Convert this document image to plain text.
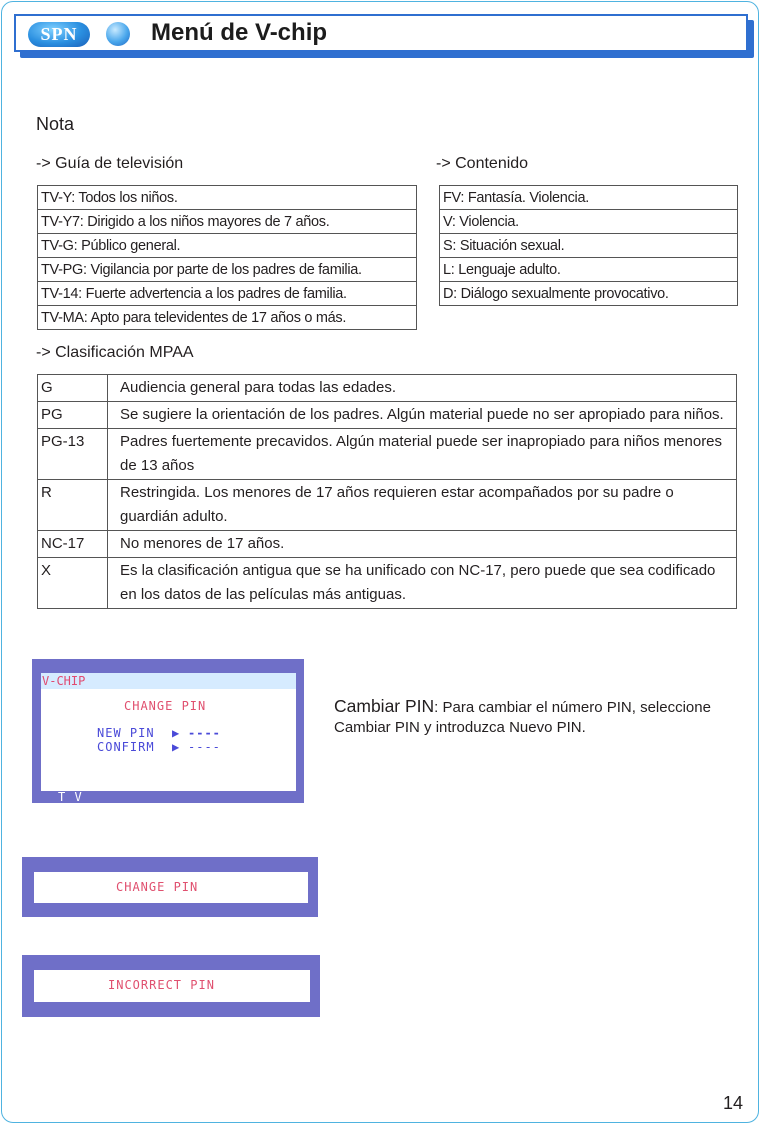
SPN	Menú de V-chip
Nota
-> Guía de televisión
TV-Y: Todos los niños.
TV-Y7: Dirigido a los niños mayores de 7 años.
TV-G: Público general.
TV-PG: Vigilancia por parte de los padres de familia.
TV-14: Fuerte advertencia a los padres de familia.
TV-MA: Apto para televidentes de 17 años o más.
-> Contenido
FV: Fantasía. Violencia.
V: Violencia.
S: Situación sexual.
L: Lenguaje adulto.
D: Diálogo sexualmente provocativo.
-> Clasificación MPAA
G	Audiencia general para todas las edades.
PG	Se sugiere la orientación de los padres. Algún material puede no ser apropiado para niños.
PG-13	Padres fuertemente precavidos. Algún material puede ser inapropiado para niños menores de 13 años
R	Restringida. Los menores de 17 años requieren estar acompañados por su padre o guardián adulto.
NC-17	No menores de 17 años.
X	Es la clasificación antigua que se ha unificado con NC-17, pero puede que sea codificado en los datos de las películas más antiguas.
V-CHIP
CHANGE PIN
NEW PIN ▶ ----
CONFIRM ▶ ----
T V
Cambiar PIN: Para cambiar el número PIN, seleccione Cambiar PIN y introduzca Nuevo PIN.
CHANGE PIN
INCORRECT PIN
14
